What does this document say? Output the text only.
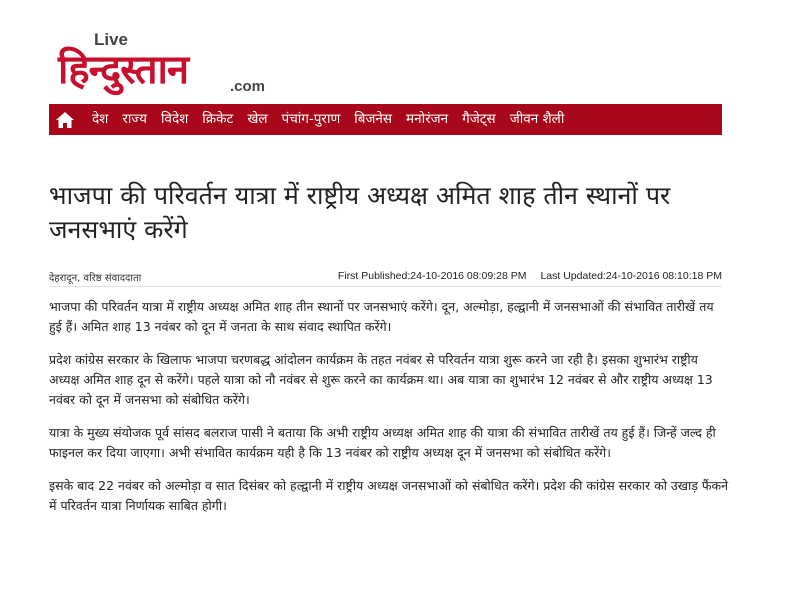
Live
हिन्दुस्तान	.com
देश	राज्य	विदेश	क्रिकेट	खेल	पंचांग-पुराण	बिजनेस	मनोरंजन	गैजेट्स	जीवन शैली
भाजपा की परिवर्तन यात्रा में राष्ट्रीय अध्यक्ष अमित शाह तीन स्थानों पर जनसभाएं करेंगे
देहरादून, वरिष्ठ संवाददाता	First Published:24-10-2016 08:09:28 PM Last Updated:24-10-2016 08:10:18 PM

भाजपा की परिवर्तन यात्रा में राष्ट्रीय अध्यक्ष अमित शाह तीन स्थानों पर जनसभाएं करेंगे। दून, अल्मोड़ा, हल्द्वानी में जनसभाओं की संभावित तारीखें तय हुई हैं। अमित शाह 13 नवंबर को दून में जनता के साथ संवाद स्थापित करेंगे।

प्रदेश कांग्रेस सरकार के खिलाफ भाजपा चरणबद्ध आंदोलन कार्यक्रम के तहत नवंबर से परिवर्तन यात्रा शुरू करने जा रही है। इसका शुभारंभ राष्ट्रीय अध्यक्ष अमित शाह दून से करेंगे। पहले यात्रा को नौ नवंबर से शुरू करने का कार्यक्रम था। अब यात्रा का शुभारंभ 12 नवंबर से और राष्ट्रीय अध्यक्ष 13 नवंबर को दून में जनसभा को संबोधित करेंगे।

यात्रा के मुख्य संयोजक पूर्व सांसद बलराज पासी ने बताया कि अभी राष्ट्रीय अध्यक्ष अमित शाह की यात्रा की संभावित तारीखें तय हुई हैं। जिन्हें जल्द ही फाइनल कर दिया जाएगा। अभी संभावित कार्यक्रम यही है कि 13 नवंबर को राष्ट्रीय अध्यक्ष दून में जनसभा को संबोधित करेंगे।

इसके बाद 22 नवंबर को अल्मोड़ा व सात दिसंबर को हल्द्वानी में राष्ट्रीय अध्यक्ष जनसभाओं को संबोधित करेंगे। प्रदेश की कांग्रेस सरकार को उखाड़ फैंकने में परिवर्तन यात्रा निर्णायक साबित होगी।
